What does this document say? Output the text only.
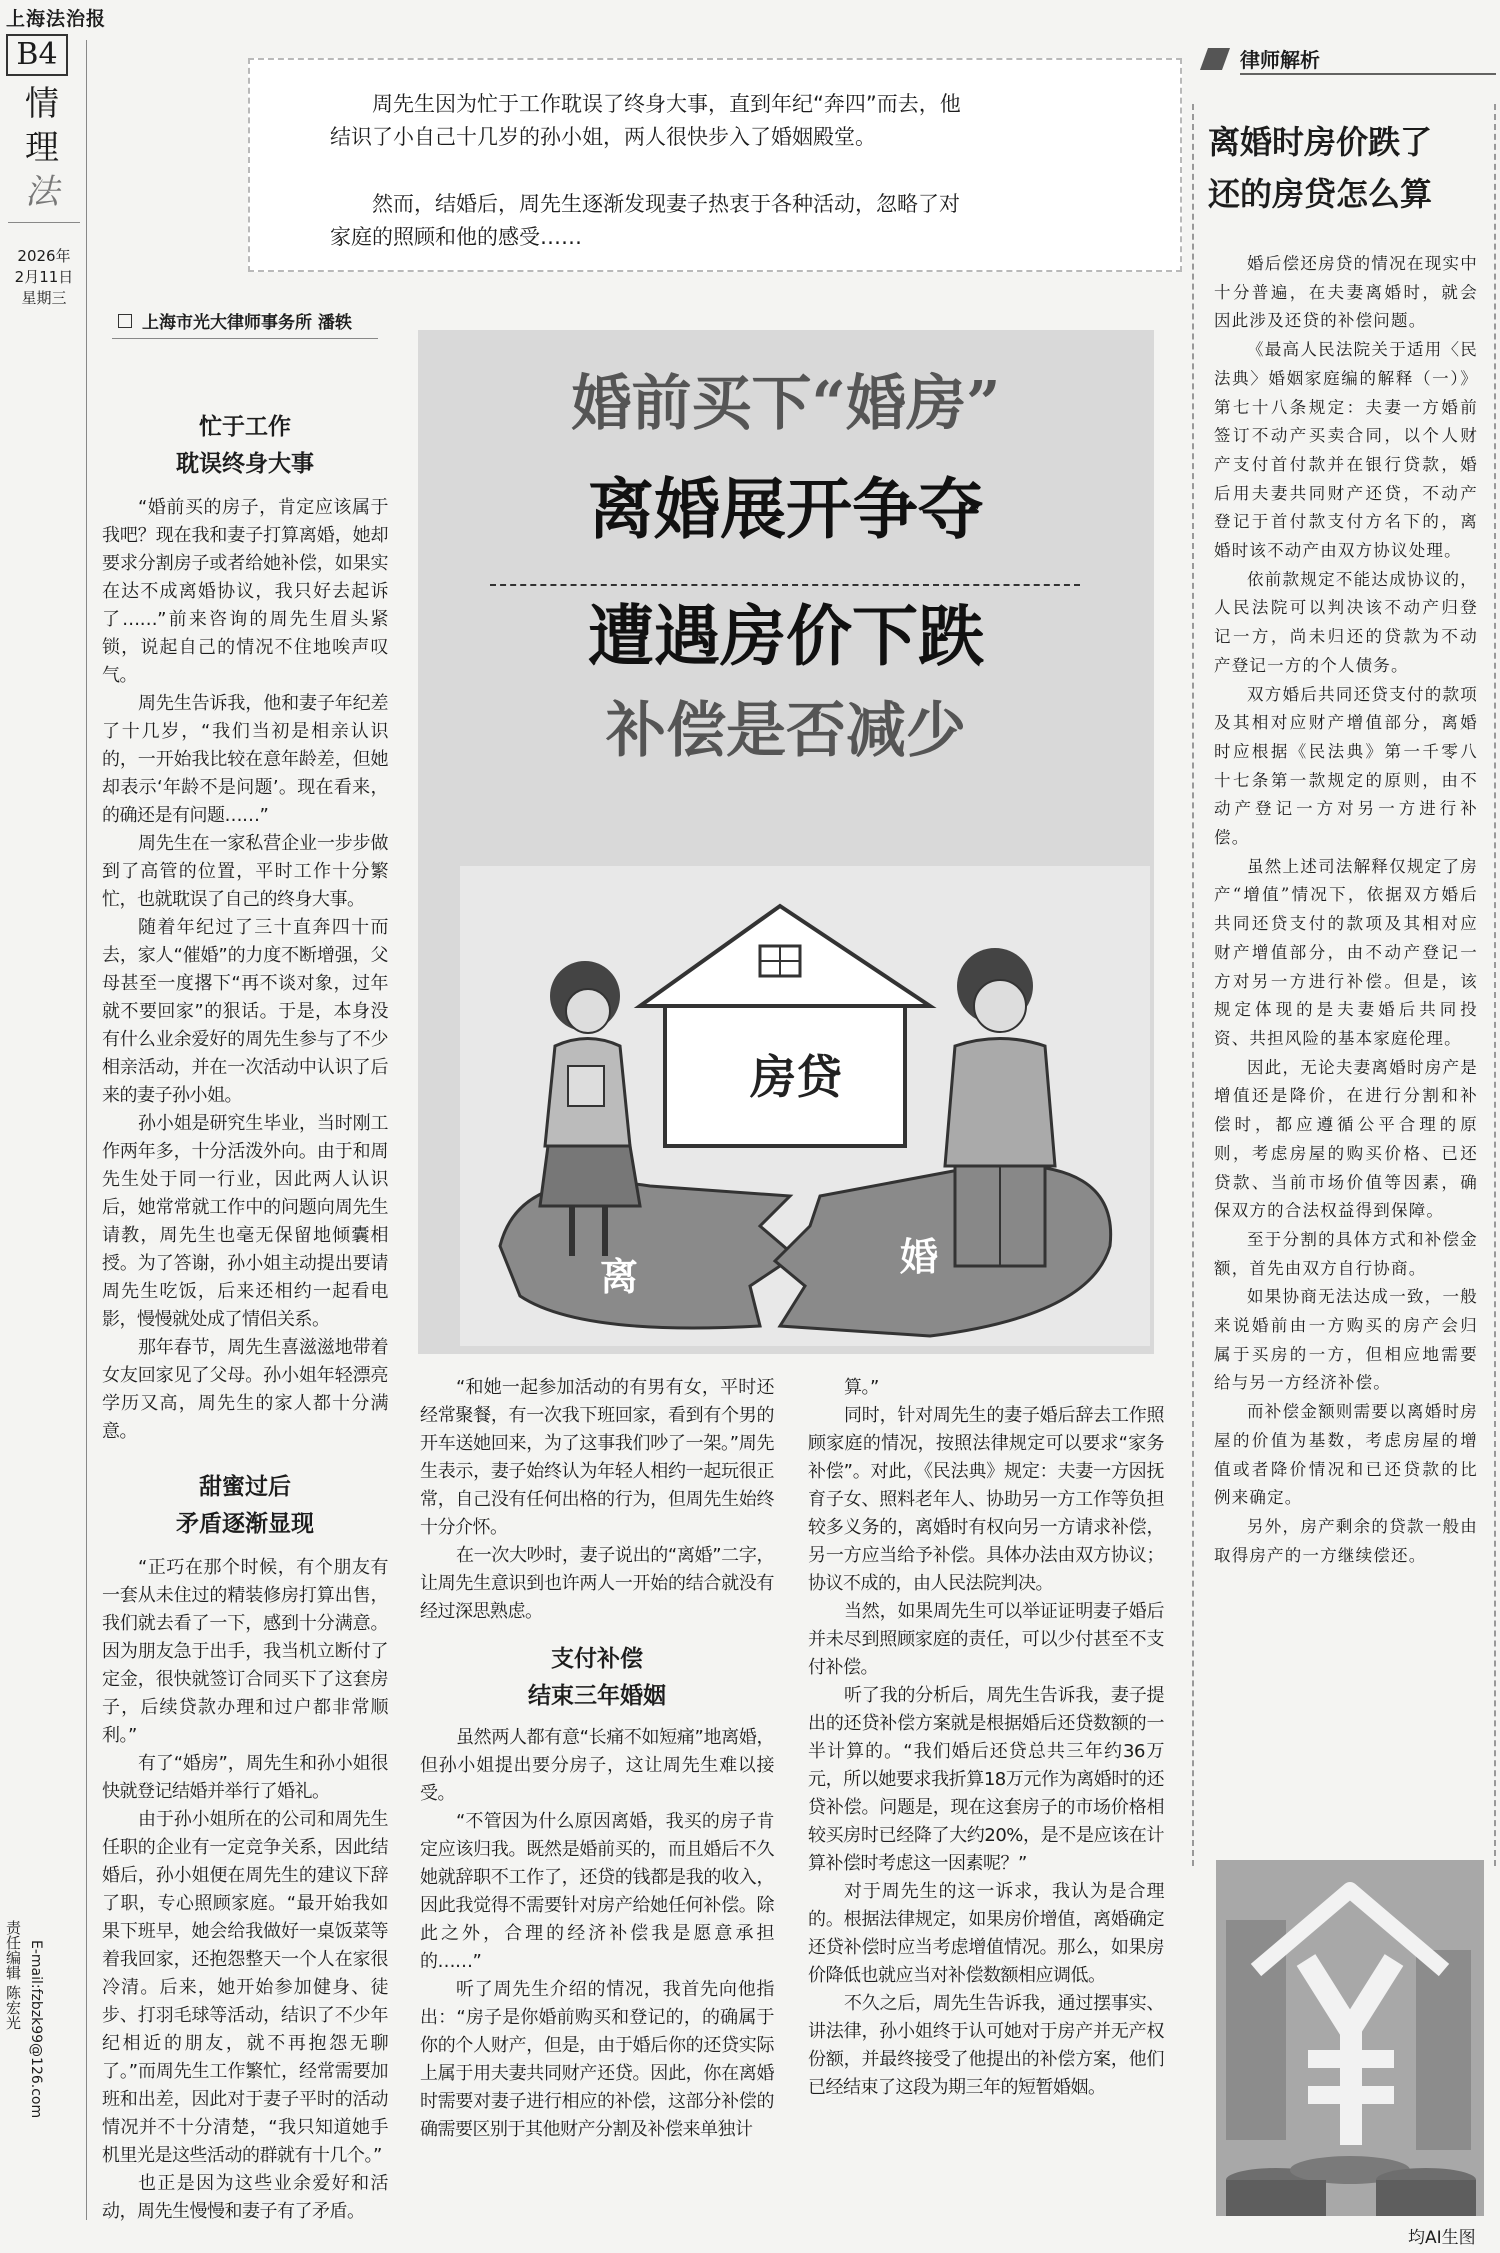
上海法治报
B4
情
理
法
2026年
2月11日
星期三
责任编辑 陈宏光 E-mail:fzbzk99@126.com

周先生因为忙于工作耽误了终身大事，直到年纪“奔四”而去，他结识了小自己十几岁的孙小姐，两人很快步入了婚姻殿堂。

然而，结婚后，周先生逐渐发现妻子热衷于各种活动，忽略了对家庭的照顾和他的感受……

上海市光大律师事务所 潘轶
婚前买下“婚房”
离婚展开争夺
遭遇房价下跌
补偿是否减少
房贷
离	婚
忙于工作
耽误终身大事

“婚前买的房子，肯定应该属于我吧？现在我和妻子打算离婚，她却要求分割房子或者给她补偿，如果实在达不成离婚协议，我只好去起诉了……”前来咨询的周先生眉头紧锁，说起自己的情况不住地唉声叹气。

周先生告诉我，他和妻子年纪差了十几岁，“我们当初是相亲认识的，一开始我比较在意年龄差，但她却表示‘年龄不是问题’。现在看来，的确还是有问题……”

周先生在一家私营企业一步步做到了高管的位置，平时工作十分繁忙，也就耽误了自己的终身大事。

随着年纪过了三十直奔四十而去，家人“催婚”的力度不断增强，父母甚至一度撂下“再不谈对象，过年就不要回家”的狠话。于是，本身没有什么业余爱好的周先生参与了不少相亲活动，并在一次活动中认识了后来的妻子孙小姐。

孙小姐是研究生毕业，当时刚工作两年多，十分活泼外向。由于和周先生处于同一行业，因此两人认识后，她常常就工作中的问题向周先生请教，周先生也毫无保留地倾囊相授。为了答谢，孙小姐主动提出要请周先生吃饭，后来还相约一起看电影，慢慢就处成了情侣关系。

那年春节，周先生喜滋滋地带着女友回家见了父母。孙小姐年轻漂亮学历又高，周先生的家人都十分满意。

甜蜜过后
矛盾逐渐显现

“正巧在那个时候，有个朋友有一套从未住过的精装修房打算出售，我们就去看了一下，感到十分满意。因为朋友急于出手，我当机立断付了定金，很快就签订合同买下了这套房子，后续贷款办理和过户都非常顺利。”

有了“婚房”，周先生和孙小姐很快就登记结婚并举行了婚礼。

由于孙小姐所在的公司和周先生任职的企业有一定竞争关系，因此结婚后，孙小姐便在周先生的建议下辞了职，专心照顾家庭。“最开始我如果下班早，她会给我做好一桌饭菜等着我回家，还抱怨整天一个人在家很冷清。后来，她开始参加健身、徒步、打羽毛球等活动，结识了不少年纪相近的朋友，就不再抱怨无聊了。”而周先生工作繁忙，经常需要加班和出差，因此对于妻子平时的活动情况并不十分清楚，“我只知道她手机里光是这些活动的群就有十几个。”

也正是因为这些业余爱好和活动，周先生慢慢和妻子有了矛盾。

“和她一起参加活动的有男有女，平时还经常聚餐，有一次我下班回家，看到有个男的开车送她回来，为了这事我们吵了一架。”周先生表示，妻子始终认为年轻人相约一起玩很正常，自己没有任何出格的行为，但周先生始终十分介怀。

在一次大吵时，妻子说出的“离婚”二字，让周先生意识到也许两人一开始的结合就没有经过深思熟虑。

支付补偿
结束三年婚姻

虽然两人都有意“长痛不如短痛”地离婚，但孙小姐提出要分房子，这让周先生难以接受。

“不管因为什么原因离婚，我买的房子肯定应该归我。既然是婚前买的，而且婚后不久她就辞职不工作了，还贷的钱都是我的收入，因此我觉得不需要针对房产给她任何补偿。除此之外，合理的经济补偿我是愿意承担的……”

听了周先生介绍的情况，我首先向他指出：“房子是你婚前购买和登记的，的确属于你的个人财产，但是，由于婚后你的还贷实际上属于用夫妻共同财产还贷。因此，你在离婚时需要对妻子进行相应的补偿，这部分补偿的确需要区别于其他财产分割及补偿来单独计

算。”

同时，针对周先生的妻子婚后辞去工作照顾家庭的情况，按照法律规定可以要求“家务补偿”。对此，《民法典》规定：夫妻一方因抚育子女、照料老年人、协助另一方工作等负担较多义务的，离婚时有权向另一方请求补偿，另一方应当给予补偿。具体办法由双方协议；协议不成的，由人民法院判决。

当然，如果周先生可以举证证明妻子婚后并未尽到照顾家庭的责任，可以少付甚至不支付补偿。

听了我的分析后，周先生告诉我，妻子提出的还贷补偿方案就是根据婚后还贷数额的一半计算的。“我们婚后还贷总共三年约36万元，所以她要求我折算18万元作为离婚时的还贷补偿。问题是，现在这套房子的市场价格相较买房时已经降了大约20%，是不是应该在计算补偿时考虑这一因素呢？”

对于周先生的这一诉求，我认为是合理的。根据法律规定，如果房价增值，离婚确定还贷补偿时应当考虑增值情况。那么，如果房价降低也就应当对补偿数额相应调低。

不久之后，周先生告诉我，通过摆事实、讲法律，孙小姐终于认可她对于房产并无产权份额，并最终接受了他提出的补偿方案，他们已经结束了这段为期三年的短暂婚姻。

律师解析
离婚时房价跌了
还的房贷怎么算

婚后偿还房贷的情况在现实中十分普遍，在夫妻离婚时，就会因此涉及还贷的补偿问题。

《最高人民法院关于适用〈民法典〉婚姻家庭编的解释（一）》第七十八条规定：夫妻一方婚前签订不动产买卖合同，以个人财产支付首付款并在银行贷款，婚后用夫妻共同财产还贷，不动产登记于首付款支付方名下的，离婚时该不动产由双方协议处理。

依前款规定不能达成协议的，人民法院可以判决该不动产归登记一方，尚未归还的贷款为不动产登记一方的个人债务。

双方婚后共同还贷支付的款项及其相对应财产增值部分，离婚时应根据《民法典》第一千零八十七条第一款规定的原则，由不动产登记一方对另一方进行补偿。

虽然上述司法解释仅规定了房产“增值”情况下，依据双方婚后共同还贷支付的款项及其相对应财产增值部分，由不动产登记一方对另一方进行补偿。但是，该规定体现的是夫妻婚后共同投资、共担风险的基本家庭伦理。

因此，无论夫妻离婚时房产是增值还是降价，在进行分割和补偿时，都应遵循公平合理的原则，考虑房屋的购买价格、已还贷款、当前市场价值等因素，确保双方的合法权益得到保障。

至于分割的具体方式和补偿金额，首先由双方自行协商。

如果协商无法达成一致，一般来说婚前由一方购买的房产会归属于买房的一方，但相应地需要给与另一方经济补偿。

而补偿金额则需要以离婚时房屋的价值为基数，考虑房屋的增值或者降价情况和已还贷款的比例来确定。

另外，房产剩余的贷款一般由取得房产的一方继续偿还。

均AI生图
